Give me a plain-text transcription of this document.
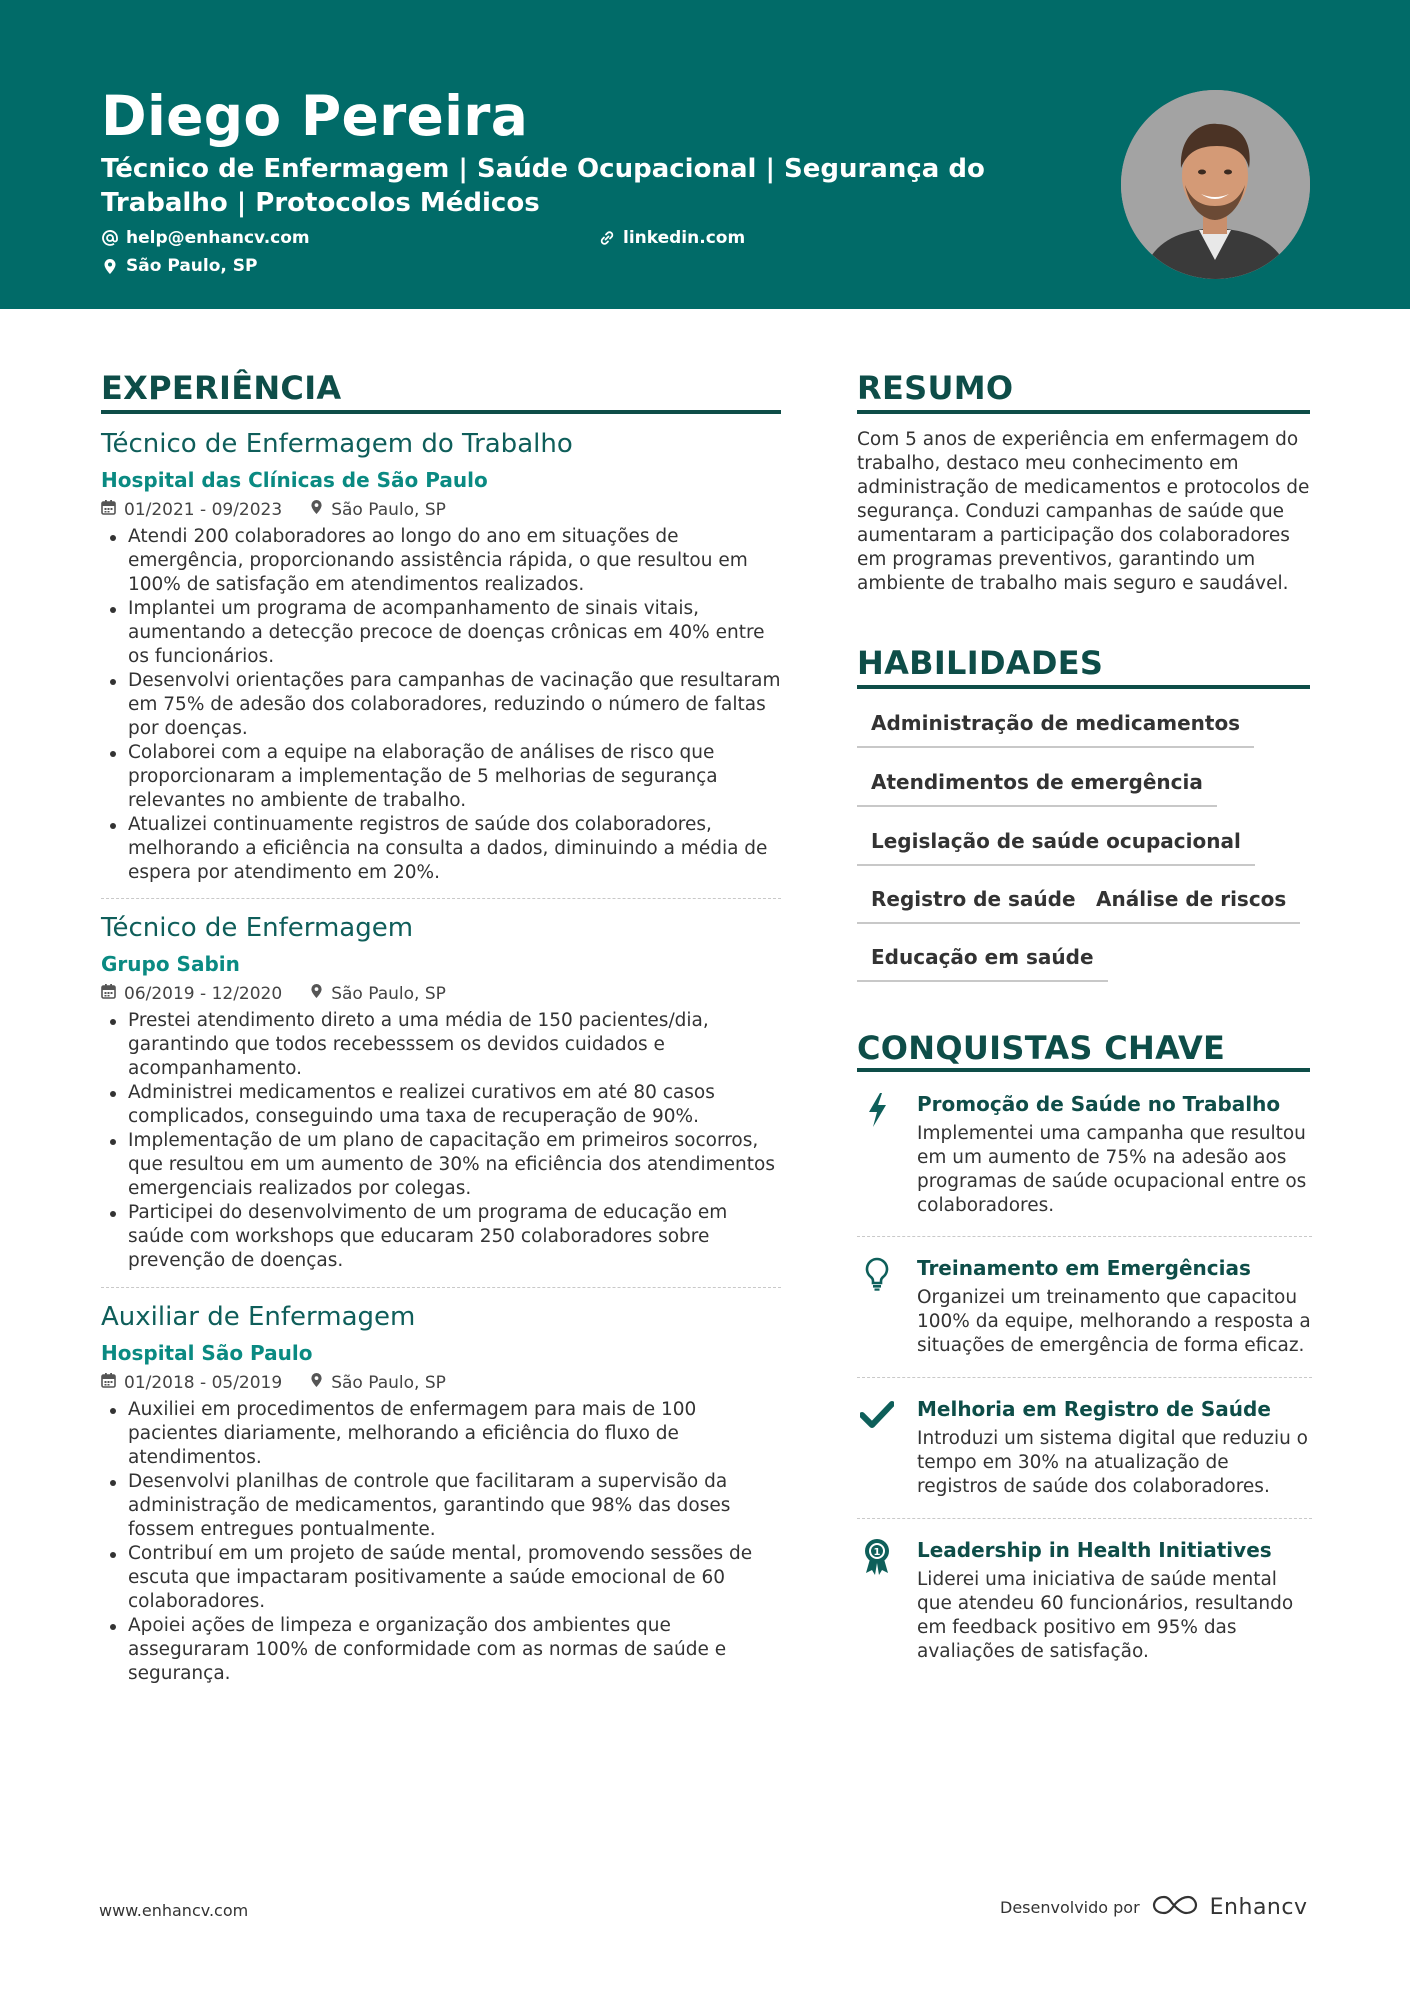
Diego Pereira
Técnico de Enfermagem | Saúde Ocupacional | Segurança do Trabalho | Protocolos Médicos
help@enhancv.com	linkedin.com
São Paulo, SP
EXPERIÊNCIA
Técnico de Enfermagem do Trabalho
Hospital das Clínicas de São Paulo
01/2021 - 09/2023	São Paulo, SP
Atendi 200 colaboradores ao longo do ano em situações de emergência, proporcionando assistência rápida, o que resultou em 100% de satisfação em atendimentos realizados.
Implantei um programa de acompanhamento de sinais vitais, aumentando a detecção precoce de doenças crônicas em 40% entre os funcionários.
Desenvolvi orientações para campanhas de vacinação que resultaram em 75% de adesão dos colaboradores, reduzindo o número de faltas por doenças.
Colaborei com a equipe na elaboração de análises de risco que proporcionaram a implementação de 5 melhorias de segurança relevantes no ambiente de trabalho.
Atualizei continuamente registros de saúde dos colaboradores, melhorando a eficiência na consulta a dados, diminuindo a média de espera por atendimento em 20%.
Técnico de Enfermagem
Grupo Sabin
06/2019 - 12/2020	São Paulo, SP
Prestei atendimento direto a uma média de 150 pacientes/dia, garantindo que todos recebesssem os devidos cuidados e acompanhamento.
Administrei medicamentos e realizei curativos em até 80 casos complicados, conseguindo uma taxa de recuperação de 90%.
Implementação de um plano de capacitação em primeiros socorros, que resultou em um aumento de 30% na eficiência dos atendimentos emergenciais realizados por colegas.
Participei do desenvolvimento de um programa de educação em saúde com workshops que educaram 250 colaboradores sobre prevenção de doenças.
Auxiliar de Enfermagem
Hospital São Paulo
01/2018 - 05/2019	São Paulo, SP
Auxiliei em procedimentos de enfermagem para mais de 100 pacientes diariamente, melhorando a eficiência do fluxo de atendimentos.
Desenvolvi planilhas de controle que facilitaram a supervisão da administração de medicamentos, garantindo que 98% das doses fossem entregues pontualmente.
Contribuí em um projeto de saúde mental, promovendo sessões de escuta que impactaram positivamente a saúde emocional de 60 colaboradores.
Apoiei ações de limpeza e organização dos ambientes que asseguraram 100% de conformidade com as normas de saúde e segurança.
RESUMO
Com 5 anos de experiência em enfermagem do trabalho, destaco meu conhecimento em administração de medicamentos e protocolos de segurança. Conduzi campanhas de saúde que aumentaram a participação dos colaboradores em programas preventivos, garantindo um ambiente de trabalho mais seguro e saudável.
HABILIDADES
Administração de medicamentos
Atendimentos de emergência
Legislação de saúde ocupacional
Registro de saúde	Análise de riscos
Educação em saúde
CONQUISTAS CHAVE
Promoção de Saúde no Trabalho
Implementei uma campanha que resultou em um aumento de 75% na adesão aos programas de saúde ocupacional entre os colaboradores.
Treinamento em Emergências
Organizei um treinamento que capacitou 100% da equipe, melhorando a resposta a situações de emergência de forma eficaz.
Melhoria em Registro de Saúde
Introduzi um sistema digital que reduziu o tempo em 30% na atualização de registros de saúde dos colaboradores.
1 Leadership in Health Initiatives
Liderei uma iniciativa de saúde mental que atendeu 60 funcionários, resultando em feedback positivo em 95% das avaliações de satisfação.
www.enhancv.com	Desenvolvido por	Enhancv
